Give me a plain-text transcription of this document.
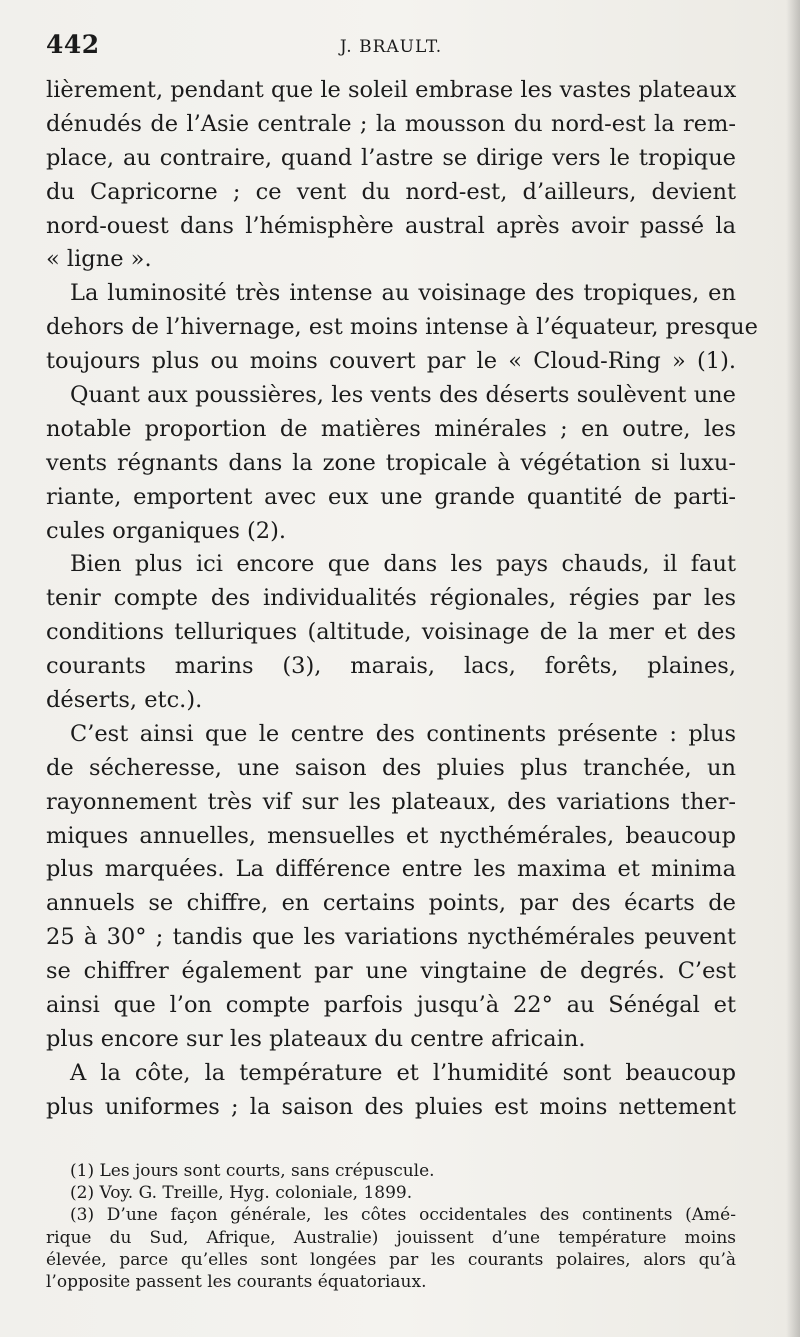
442	J. BRAULT.
lièrement, pendant que le soleil embrase les vastes plateaux
dénudés de l’Asie centrale ; la mousson du nord-est la rem-
place, au contraire, quand l’astre se dirige vers le tropique
du Capricorne ; ce vent du nord-est, d’ailleurs, devient
nord-ouest dans l’hémisphère austral après avoir passé la
« ligne ».
La luminosité très intense au voisinage des tropiques, en
dehors de l’hivernage, est moins intense à l’équateur, presque
toujours plus ou moins couvert par le « Cloud-Ring » (1).
Quant aux poussières, les vents des déserts soulèvent une
notable proportion de matières minérales ; en outre, les
vents régnants dans la zone tropicale à végétation si luxu-
riante, emportent avec eux une grande quantité de parti-
cules organiques (2).
Bien plus ici encore que dans les pays chauds, il faut
tenir compte des individualités régionales, régies par les
conditions telluriques (altitude, voisinage de la mer et des
courants marins (3), marais, lacs, forêts, plaines,
déserts, etc.).
C’est ainsi que le centre des continents présente : plus
de sécheresse, une saison des pluies plus tranchée, un
rayonnement très vif sur les plateaux, des variations ther-
miques annuelles, mensuelles et nycthémérales, beaucoup
plus marquées. La différence entre les maxima et minima
annuels se chiffre, en certains points, par des écarts de
25 à 30° ; tandis que les variations nycthémérales peuvent
se chiffrer également par une vingtaine de degrés. C’est
ainsi que l’on compte parfois jusqu’à 22° au Sénégal et
plus encore sur les plateaux du centre africain.
A la côte, la température et l’humidité sont beaucoup
plus uniformes ; la saison des pluies est moins nettement
(1) Les jours sont courts, sans crépuscule.
(2) Voy. G. Treille, Hyg. coloniale, 1899.
(3) D’une façon générale, les côtes occidentales des continents (Amé-
rique du Sud, Afrique, Australie) jouissent d’une température moins
élevée, parce qu’elles sont longées par les courants polaires, alors qu’à
l’opposite passent les courants équatoriaux.
